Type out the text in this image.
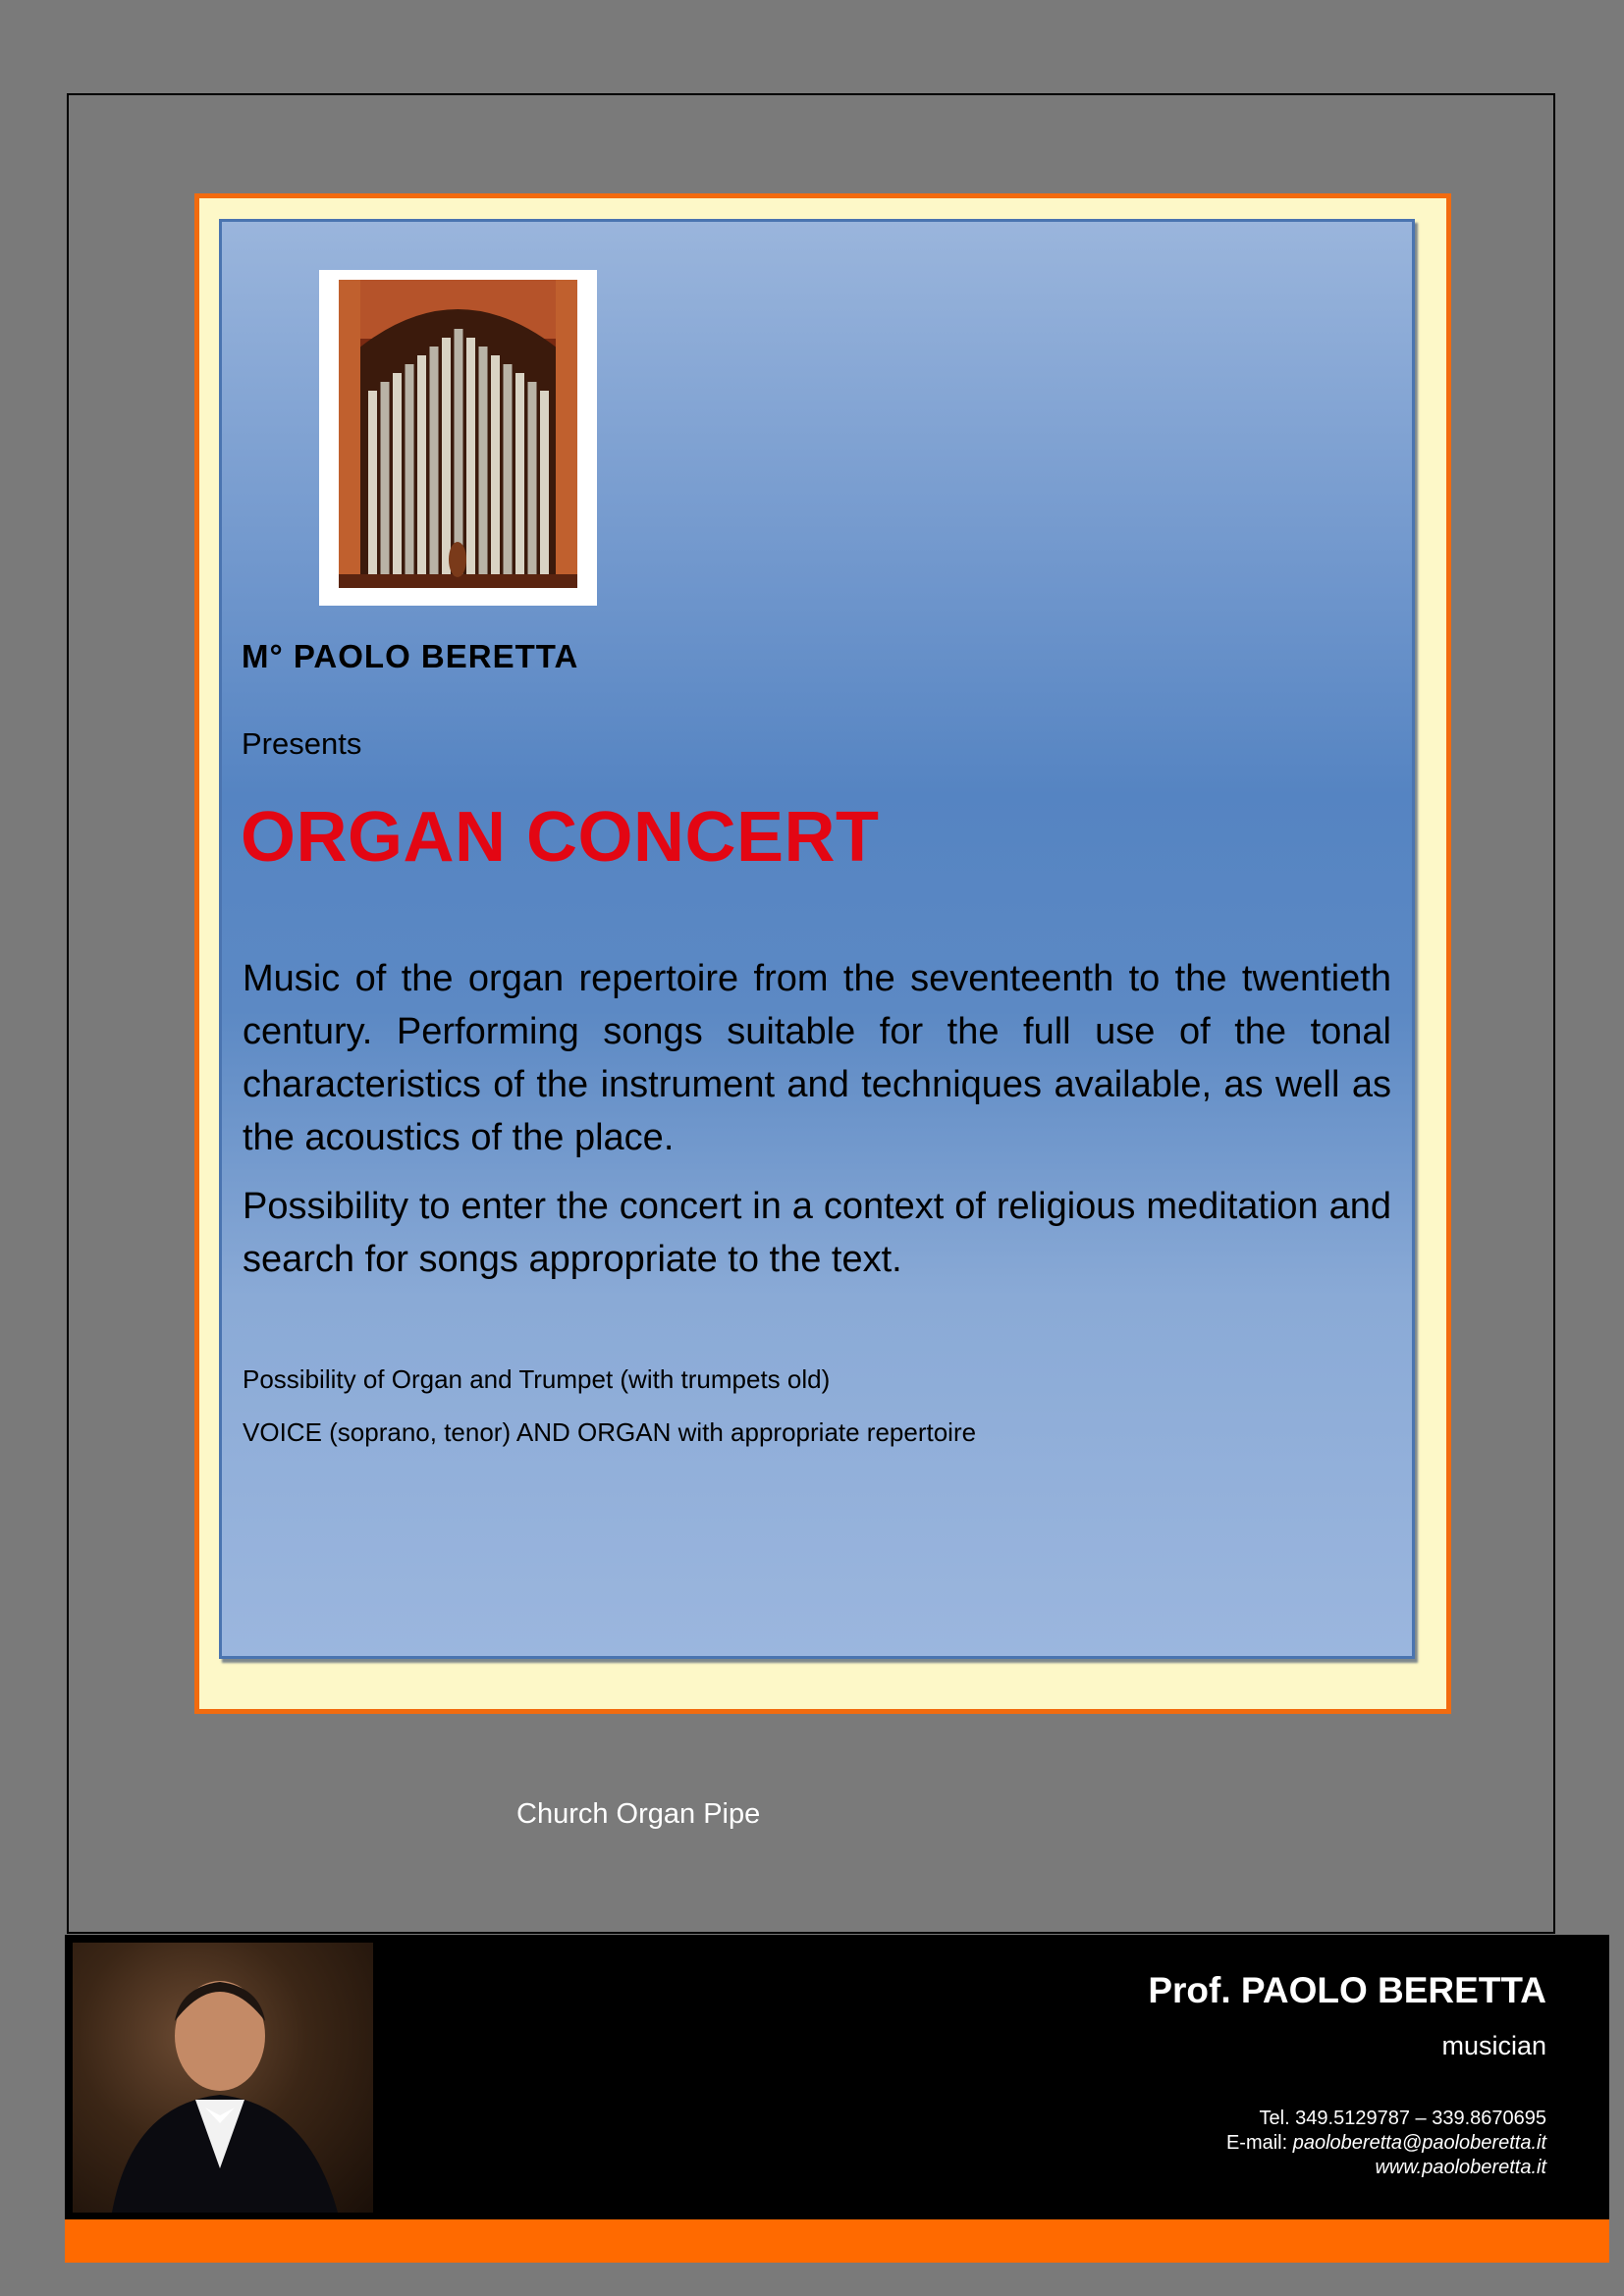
M° PAOLO BERETTA

Presents

ORGAN CONCERT

Music of the organ repertoire from the seventeenth to the twentieth century. Performing songs suitable for the full use of the tonal characteristics of the instrument and techniques available, as well as the acoustics of the place.

Possibility to enter the concert in a context of religious meditation and search for songs appropriate to the text.

Possibility of Organ and Trumpet (with trumpets old)

VOICE (soprano, tenor) AND ORGAN with appropriate repertoire

Church Organ Pipe

Prof. PAOLO BERETTA

musician

Tel. 349.5129787 – 339.8670695
E-mail: paoloberetta@paoloberetta.it
www.paoloberetta.it
